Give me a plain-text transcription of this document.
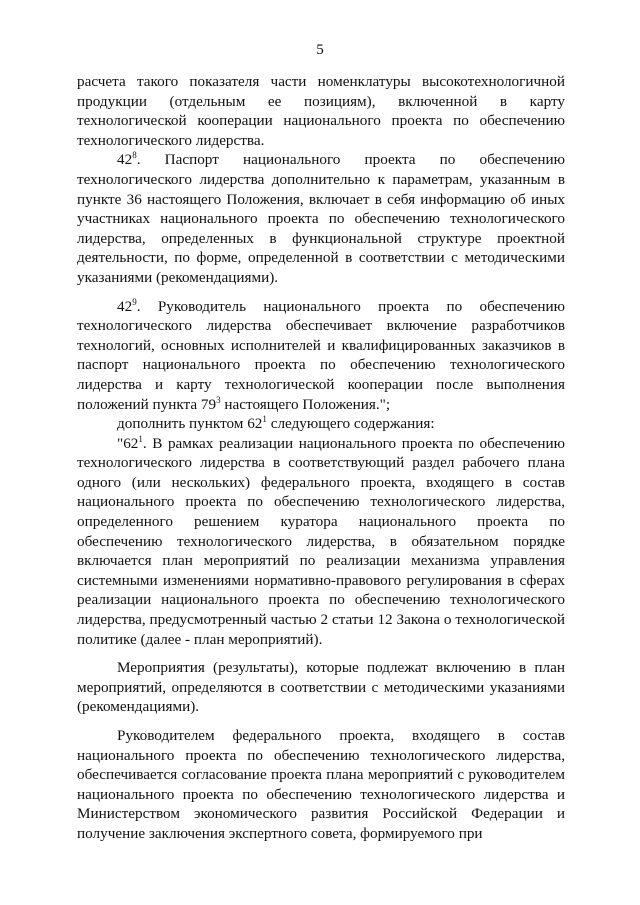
5

расчета такого показателя части номенклатуры высокотехнологичной продукции (отдельным ее позициям), включенной в карту технологической кооперации национального проекта по обеспечению технологического лидерства.

$42^8$. Паспорт национального проекта по обеспечению технологического лидерства дополнительно к параметрам, указанным в пункте 36 настоящего Положения, включает в себя информацию об иных участниках национального проекта по обеспечению технологического лидерства, определенных в функциональной структуре проектной деятельности, по форме, определенной в соответствии с методическими указаниями (рекомендациями).

$42^9$. Руководитель национального проекта по обеспечению технологического лидерства обеспечивает включение разработчиков технологий, основных исполнителей и квалифицированных заказчиков в паспорт национального проекта по обеспечению технологического лидерства и карту технологической кооперации после выполнения положений пункта $79^3$ настоящего Положения.";

дополнить пунктом $62^1$ следующего содержания:

"$62^1$. В рамках реализации национального проекта по обеспечению технологического лидерства в соответствующий раздел рабочего плана одного (или нескольких) федерального проекта, входящего в состав национального проекта по обеспечению технологического лидерства, определенного решением куратора национального проекта по обеспечению технологического лидерства, в обязательном порядке включается план мероприятий по реализации механизма управления системными изменениями нормативно-правового регулирования в сферах реализации национального проекта по обеспечению технологического лидерства, предусмотренный частью 2 статьи 12 Закона о технологической политике (далее - план мероприятий).

Мероприятия (результаты), которые подлежат включению в план мероприятий, определяются в соответствии с методическими указаниями (рекомендациями).

Руководителем федерального проекта, входящего в состав национального проекта по обеспечению технологического лидерства, обеспечивается согласование проекта плана мероприятий с руководителем национального проекта по обеспечению технологического лидерства и Министерством экономического развития Российской Федерации и получение заключения экспертного совета, формируемого при
